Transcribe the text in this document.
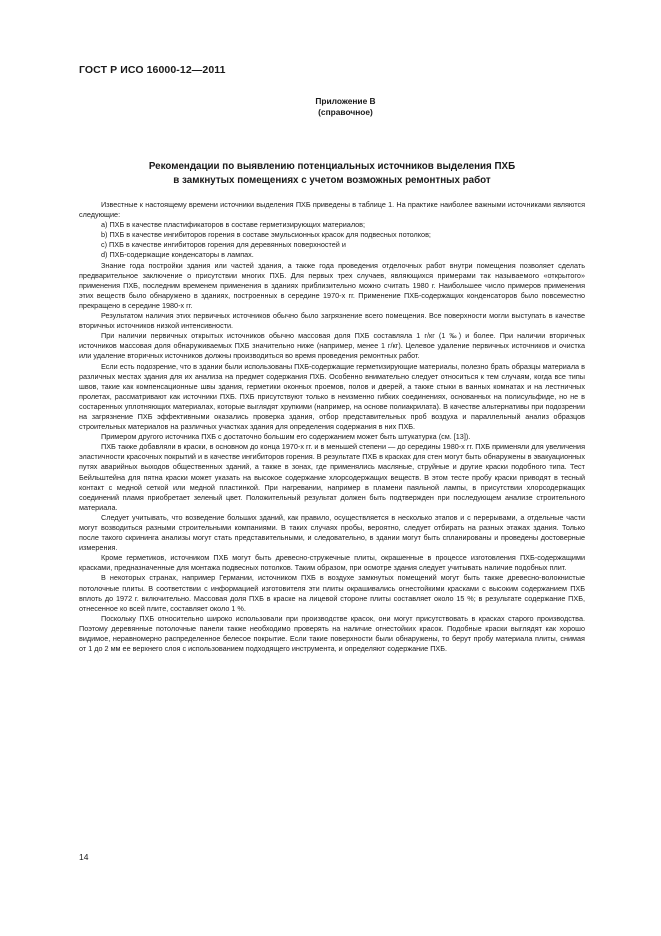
ГОСТ Р ИСО 16000-12—2011
Приложение В
(справочное)
Рекомендации по выявлению потенциальных источников выделения ПХБ
в замкнутых помещениях с учетом возможных ремонтных работ

Известные к настоящему времени источники выделения ПХБ приведены в таблице 1. На практике наиболее важными источниками являются следующие:

а) ПХБ в качестве пластификаторов в составе герметизирующих материалов;
b) ПХБ в качестве ингибиторов горения в составе эмульсионных красок для подвесных потолков;
c) ПХБ в качестве ингибиторов горения для деревянных поверхностей и
d) ПХБ-содержащие конденсаторы в лампах.

Знание года постройки здания или частей здания, а также года проведения отделочных работ внутри помещения позволяет сделать предварительное заключение о присутствии многих ПХБ. Для первых трех случаев, являющихся примерами так называемого «открытого» применения ПХБ, последним временем применения в зданиях приблизительно можно считать 1980 г. Наибольшее число примеров применения этих веществ было обнаружено в зданиях, построенных в середине 1970-х гг. Применение ПХБ-содержащих конденсаторов было повсеместно прекращено в середине 1980-х гг.

Результатом наличия этих первичных источников обычно было загрязнение всего помещения. Все поверхности могли выступать в качестве вторичных источников низкой интенсивности.

При наличии первичных открытых источников обычно массовая доля ПХБ составляла 1 г/кг (1 ‰) и более. При наличии вторичных источников массовая доля обнаруживаемых ПХБ значительно ниже (например, менее 1 г/кг). Целевое удаление первичных источников и очистка или удаление вторичных источников должны производиться во время проведения ремонтных работ.

Если есть подозрение, что в здании были использованы ПХБ-содержащие герметизирующие материалы, полезно брать образцы материала в различных местах здания для их анализа на предмет содержания ПХБ. Особенно внимательно следует относиться к тем случаям, когда все типы швов, такие как компенсационные швы здания, герметики оконных проемов, полов и дверей, а также стыки в ванных комнатах и на лестничных пролетах, рассматривают как источники ПХБ. ПХБ присутствуют только в неизменно гибких соединениях, основанных на полисульфиде, но не в состаренных уплотняющих материалах, которые выглядят хрупкими (например, на основе полиакрилата). В качестве альтернативы при подозрении на загрязнение ПХБ эффективными оказались проверка здания, отбор представительных проб воздуха и параллельный анализ образцов строительных материалов на различных участках здания для определения содержания в них ПХБ.

Примером другого источника ПХБ с достаточно большим его содержанием может быть штукатурка (см. [13]).

ПХБ также добавляли в краски, в основном до конца 1970-х гг. и в меньшей степени — до середины 1980-х гг. ПХБ применяли для увеличения эластичности красочных покрытий и в качестве ингибиторов горения. В результате ПХБ в красках для стен могут быть обнаружены в эвакуационных путях аварийных выходов общественных зданий, а также в зонах, где применялись масляные, струйные и другие краски подобного типа. Тест Бейльштейна для пятна краски может указать на высокое содержание хлорсодержащих веществ. В этом тесте пробу краски приводят в тесный контакт с медной сеткой или медной пластинкой. При нагревании, например в пламени паяльной лампы, в присутствии хлорсодержащих соединений пламя приобретает зеленый цвет. Положительный результат должен быть подтвержден при последующем анализе строительного материала.

Следует учитывать, что возведение больших зданий, как правило, осуществляется в несколько этапов и с перерывами, а отдельные части могут возводиться разными строительными компаниями. В таких случаях пробы, вероятно, следует отбирать на разных этажах здания. Только после такого скрининга анализы могут стать представительными, и следовательно, в здании могут быть спланированы и проведены достоверные измерения.

Кроме герметиков, источником ПХБ могут быть древесно-стружечные плиты, окрашенные в процессе изготовления ПХБ-содержащими красками, предназначенные для монтажа подвесных потолков. Таким образом, при осмотре здания следует учитывать наличие подобных плит.

В некоторых странах, например Германии, источником ПХБ в воздухе замкнутых помещений могут быть также древесно-волокнистые потолочные плиты. В соответствии с информацией изготовителя эти плиты окрашивались огнестойкими красками с высоким содержанием ПХБ вплоть до 1972 г. включительно. Массовая доля ПХБ в краске на лицевой стороне плиты составляет около 15 %; в результате содержание ПХБ, отнесенное ко всей плите, составляет около 1 %.

Поскольку ПХБ относительно широко использовали при производстве красок, они могут присутствовать в красках старого производства. Поэтому деревянные потолочные панели также необходимо проверять на наличие огнестойких красок. Подобные краски выглядят как хорошо видимое, неравномерно распределенное белесое покрытие. Если такие поверхности были обнаружены, то берут пробу материала плиты, снимая от 1 до 2 мм ее верхнего слоя с использованием подходящего инструмента, и определяют содержание ПХБ.

14
